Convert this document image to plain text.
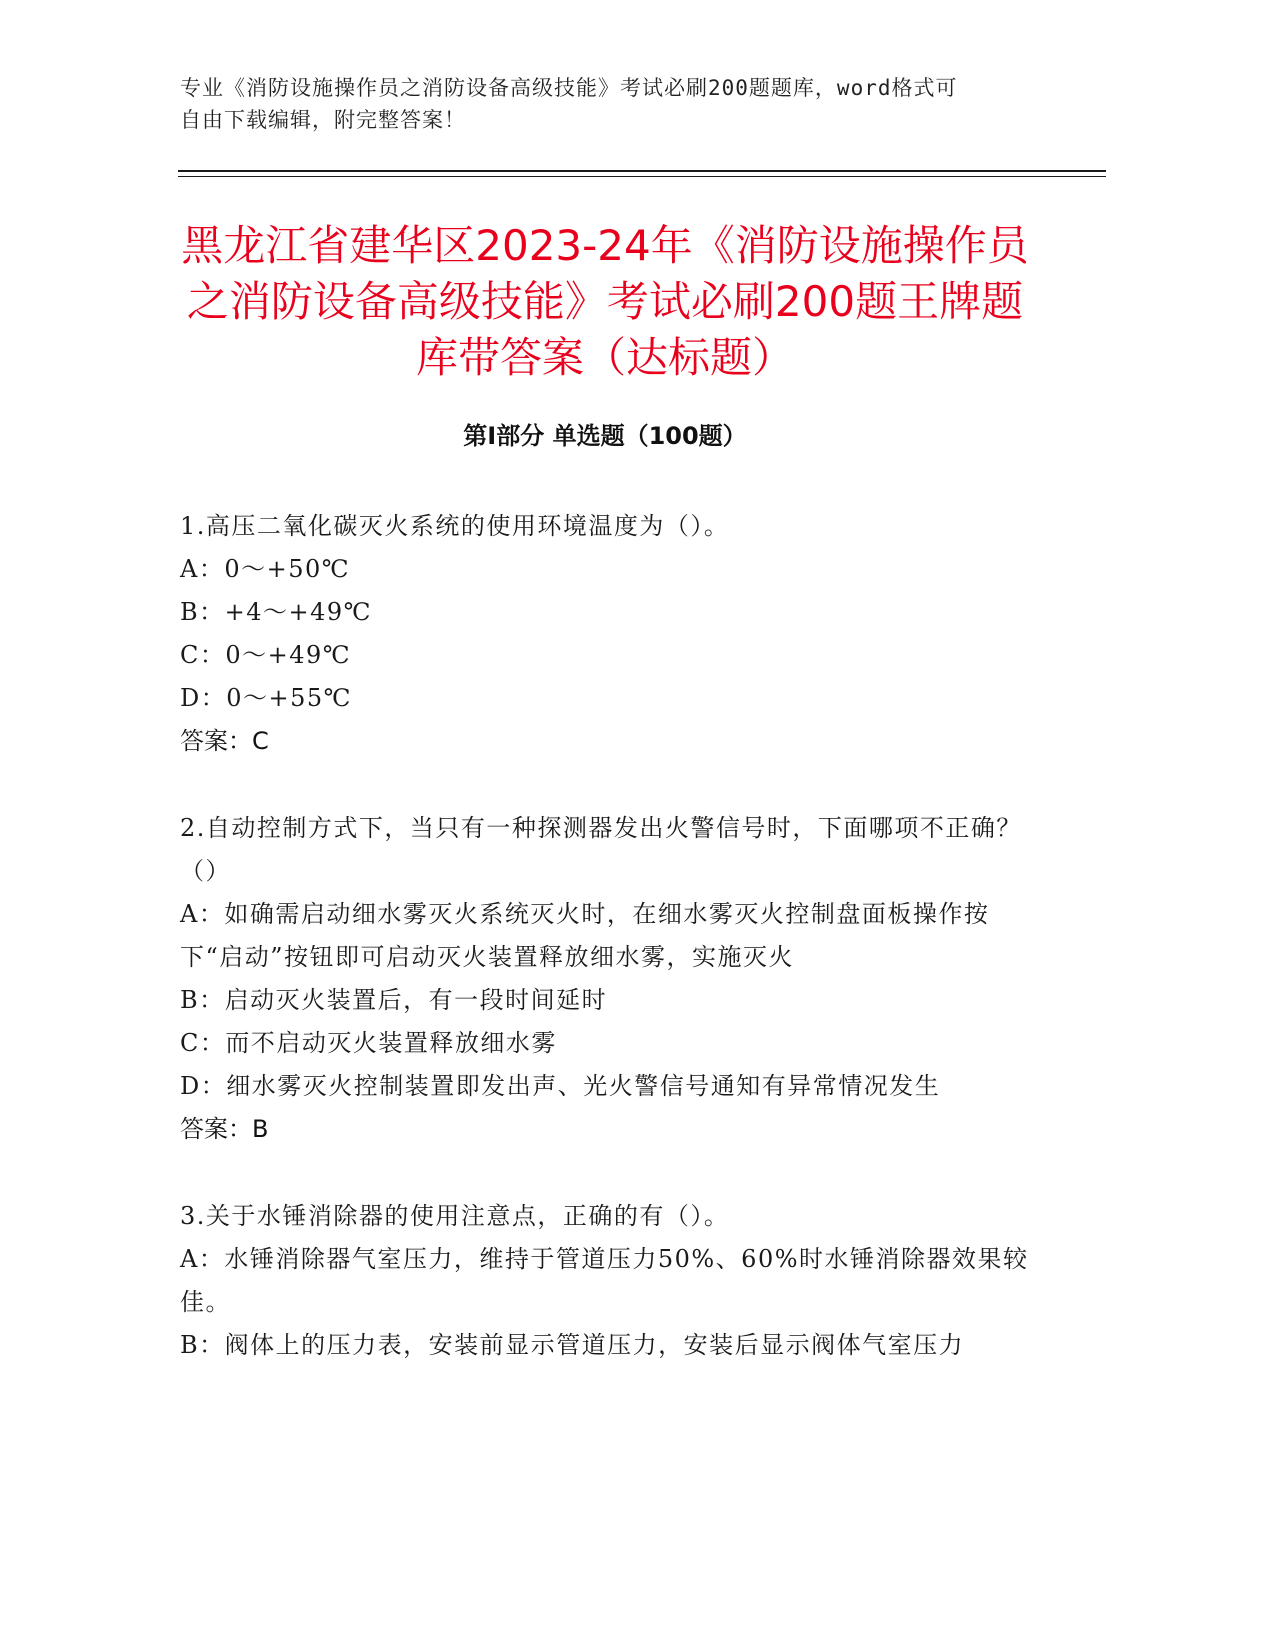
专业《消防设施操作员之消防设备高级技能》考试必刷200题题库，word格式可
自由下载编辑，附完整答案！
黑龙江省建华区2023-24年《消防设施操作员之消防设备高级技能》考试必刷200题王牌题库带答案（达标题）
第Ⅰ部分 单选题（100题）

1.高压二氧化碳灭火系统的使用环境温度为（）。

A：0～+50℃

B：+4～+49℃

C：0～+49℃

D：0～+55℃

答案：C

2.自动控制方式下，当只有一种探测器发出火警信号时，下面哪项不正确？（）

A：如确需启动细水雾灭火系统灭火时，在细水雾灭火控制盘面板操作按下“启动”按钮即可启动灭火装置释放细水雾，实施灭火

B：启动灭火装置后，有一段时间延时

C：而不启动灭火装置释放细水雾

D：细水雾灭火控制装置即发出声、光火警信号通知有异常情况发生

答案：B

3.关于水锤消除器的使用注意点，正确的有（）。

A：水锤消除器气室压力，维持于管道压力50%、60%时水锤消除器效果较佳。

B：阀体上的压力表，安装前显示管道压力，安装后显示阀体气室压力
